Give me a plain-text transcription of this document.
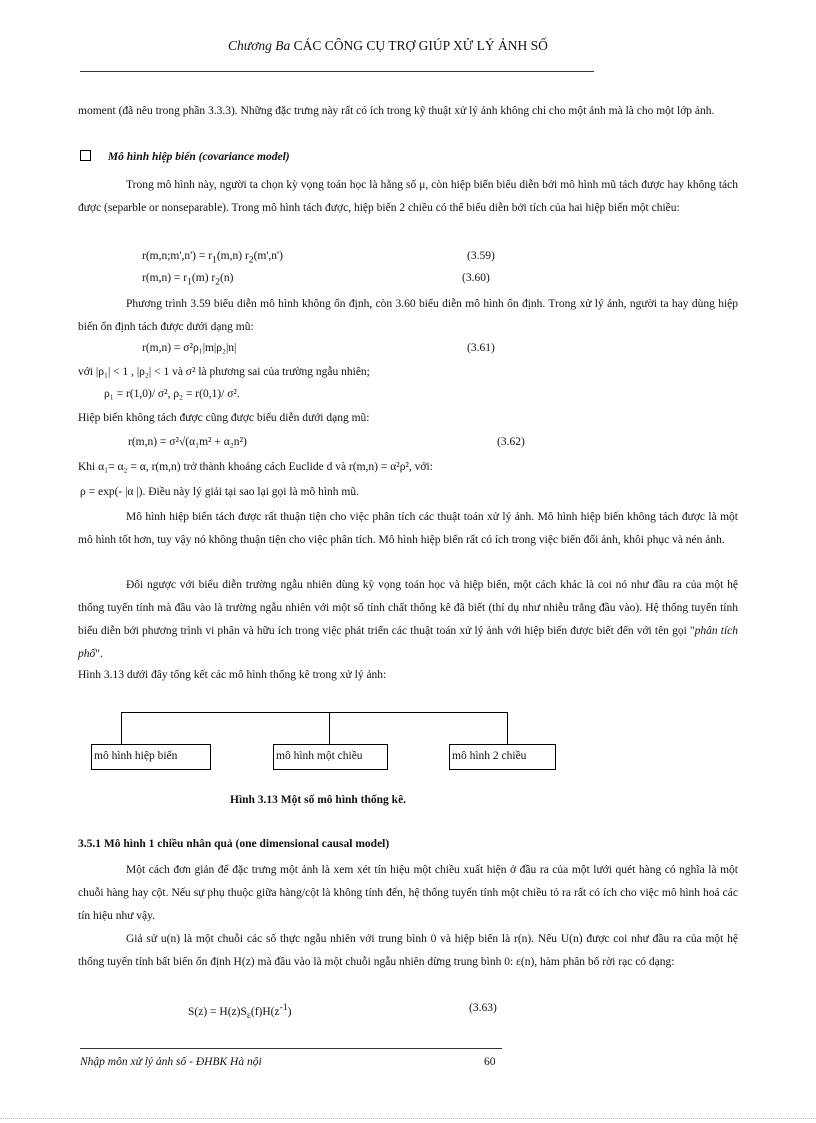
Chương Ba CÁC CÔNG CỤ TRỢ GIÚP XỬ LÝ ẢNH SỐ
moment (đã nêu trong phần 3.3.3). Những đặc trưng này rất có ích trong kỹ thuật xử lý ảnh không chỉ cho một ảnh mà là cho một lớp ảnh.
Mô hình hiệp biến (covariance model)
Trong mô hình này, người ta chọn kỳ vọng toán học là hằng số μ, còn hiệp biến biểu diễn bởi mô hình mũ tách được hay không tách được (separble or nonseparable). Trong mô hình tách được, hiệp biến 2 chiều có thể biểu diễn bởi tích của hai hiệp biến một chiều:
r(m,n;m',n') = $r_1(m,n)$ $r_2(m',n')$	(3.59)
$r(m,n) = r_1(m)$ $r_2(n)$	(3.60)
Phương trình 3.59 biểu diễn mô hình không ổn định, còn 3.60 biểu diễn mô hình ổn định. Trong xử lý ảnh, người ta hay dùng hiệp biến ổn định tách được dưới dạng mũ:
r(m,n) = σ²ρ₁|m|ρ₂|n|	(3.61)
với |ρ₁| < 1 , |ρ₂| < 1 và σ² là phương sai của trường ngẫu nhiên;
ρ₁ = r(1,0)/ σ², ρ₂ = r(0,1)/ σ².
Hiệp biến không tách được cũng được biểu diễn dưới dạng mũ:
r(m,n) = σ²√(α₁m² + α₂n²)	(3.62)
Khi α₁= α₂ = α, r(m,n) trở thành khoảng cách Euclide d và r(m,n) = α²ρ², với:
ρ = exp(- |α |). Điều này lý giải tại sao lại gọi là mô hình mũ.
Mô hình hiệp biến tách được rất thuận tiện cho việc phân tích các thuật toán xử lý ảnh. Mô hình hiệp biến không tách được là một mô hình tốt hơn, tuy vậy nó không thuận tiện cho việc phân tích. Mô hình hiệp biến rất có ích trong việc biến đổi ảnh, khôi phục và nén ảnh.
Đối ngược với biểu diễn trường ngẫu nhiên dùng kỳ vọng toán học và hiệp biến, một cách khác là coi nó như đầu ra của một hệ thống tuyến tính mà đầu vào là trường ngẫu nhiên với một số tính chất thống kê đã biết (thí dụ như nhiễu trắng đầu vào). Hệ thống tuyến tính biểu diễn bởi phương trình vi phân và hữu ích trong việc phát triển các thuật toán xử lý ảnh với hiệp biến được biết đến với tên gọi "phân tích phổ".
Hình 3.13 dưới đây tổng kết các mô hình thống kê trong xử lý ảnh:
mô hình hiệp biến	mô hình một chiều	mô hình 2 chiều
Hình 3.13 Một số mô hình thống kê.
3.5.1 Mô hình 1 chiều nhân quả (one dimensional causal model)
Một cách đơn giản để đặc trưng một ảnh là xem xét tín hiệu một chiều xuất hiện ở đầu ra của một lưới quét hàng có nghĩa là một chuỗi hàng hay cột. Nếu sự phụ thuộc giữa hàng/cột là không tính đến, hệ thống tuyến tính một chiều tỏ ra rất có ích cho việc mô hình hoá các tín hiệu như vậy.
Giả sử u(n) là một chuỗi các số thực ngẫu nhiên với trung bình 0 và hiệp biến là r(n). Nếu U(n) được coi như đầu ra của một hệ thống tuyến tính bất biến ổn định H(z) mà đầu vào là một chuỗi ngẫu nhiên dừng trung bình 0: ε(n), hàm phân bố rời rạc có dạng:
$S(z) = H(z)S_\varepsilon(f)H(z^{-1})$	(3.63)
Nhập môn xử lý ảnh số - ĐHBK Hà nội	60
